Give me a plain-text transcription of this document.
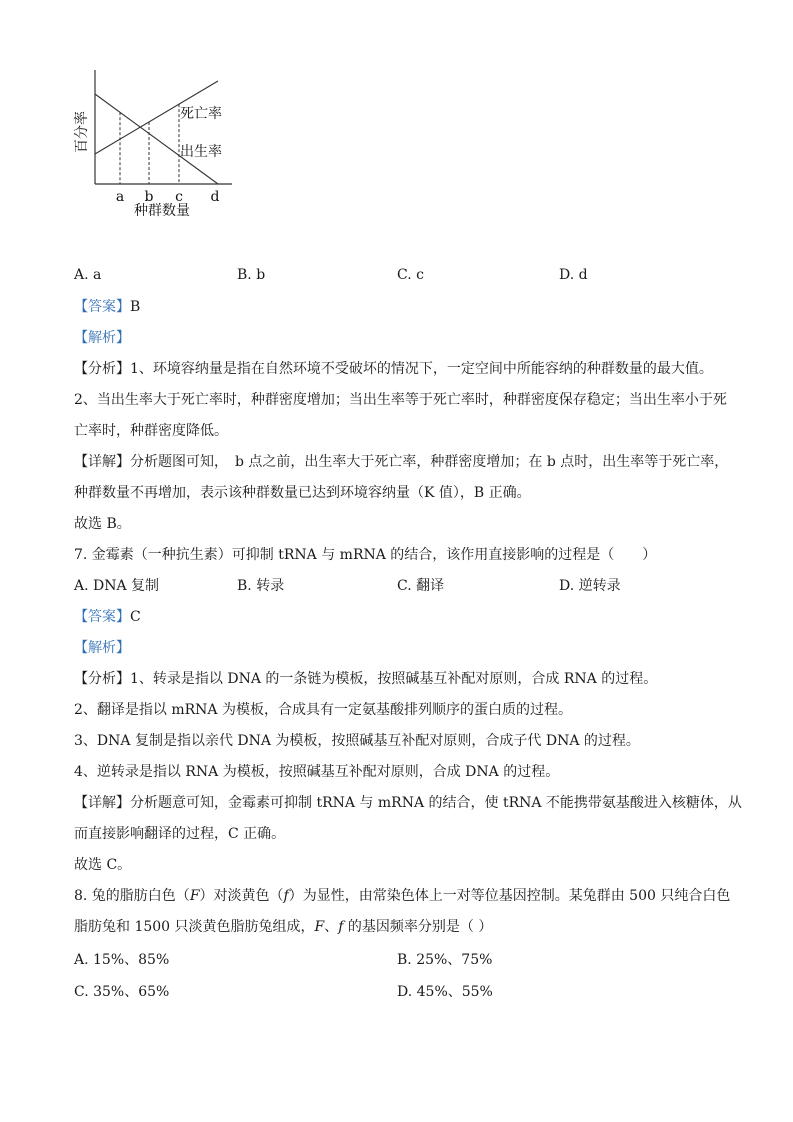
a b c d
死亡率
出生率
种群数量
百分率
A. a	B. b	C. c	D. d
【答案】B
【解析】
【分析】1、环境容纳量是指在自然环境不受破坏的情况下，一定空间中所能容纳的种群数量的最大值。
2、当出生率大于死亡率时，种群密度增加；当出生率等于死亡率时，种群密度保存稳定；当出生率小于死
亡率时，种群密度降低。
【详解】分析题图可知，　b 点之前，出生率大于死亡率，种群密度增加；在 b 点时，出生率等于死亡率，
种群数量不再增加，表示该种群数量已达到环境容纳量（K 值），B 正确。
故选 B。
7. 金霉素（一种抗生素）可抑制 tRNA 与 mRNA 的结合，该作用直接影响的过程是（　　）
A. DNA 复制	B. 转录	C. 翻译	D. 逆转录
【答案】C
【解析】
【分析】1、转录是指以 DNA 的一条链为模板，按照碱基互补配对原则，合成 RNA 的过程。
2、翻译是指以 mRNA 为模板，合成具有一定氨基酸排列顺序的蛋白质的过程。
3、DNA 复制是指以亲代 DNA 为模板，按照碱基互补配对原则，合成子代 DNA 的过程。
4、逆转录是指以 RNA 为模板，按照碱基互补配对原则，合成 DNA 的过程。
【详解】分析题意可知，金霉素可抑制 tRNA 与 mRNA 的结合，使 tRNA 不能携带氨基酸进入核糖体，从
而直接影响翻译的过程，C 正确。
故选 C。
8. 兔的脂肪白色（F）对淡黄色（f）为显性，由常染色体上一对等位基因控制。某兔群由 500 只纯合白色
脂肪兔和 1500 只淡黄色脂肪兔组成，F、f 的基因频率分别是（ ）
A. 15%、85%	B. 25%、75%
C. 35%、65%	D. 45%、55%
